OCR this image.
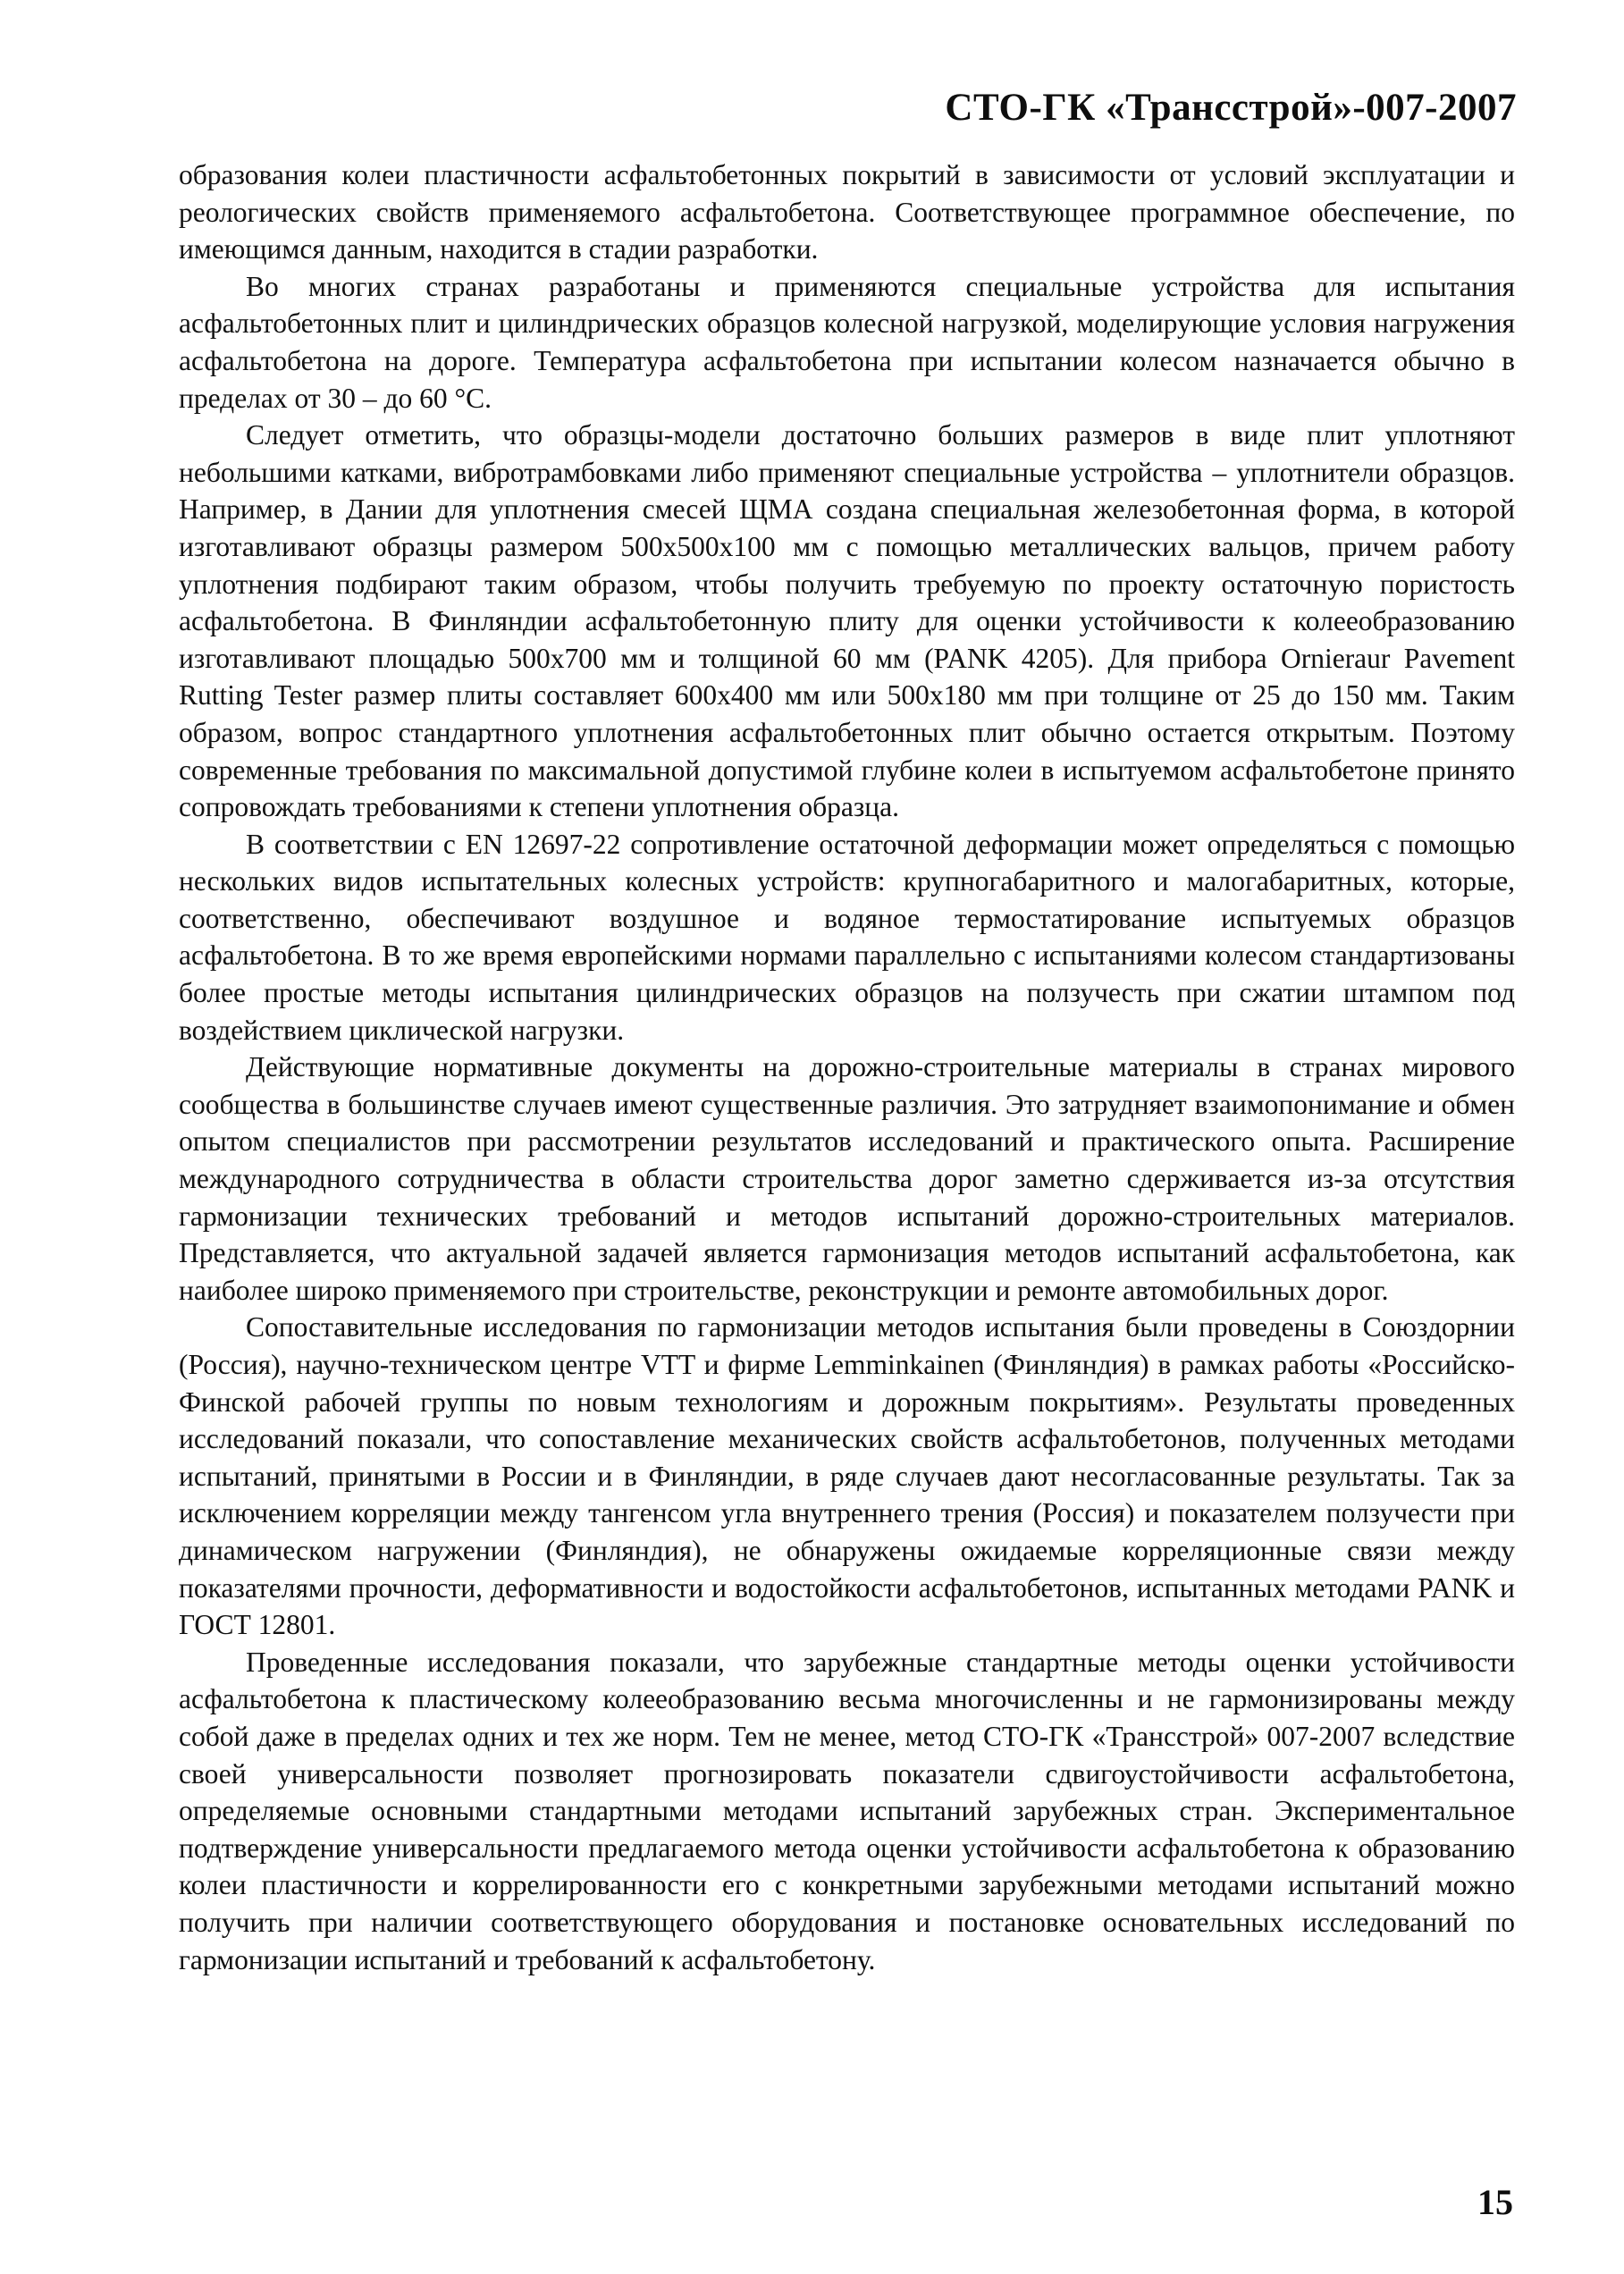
СТО-ГК «Трансстрой»-007-2007

образования колеи пластичности асфальтобетонных покрытий в зависимости от условий эксплуатации и реологических свойств применяемого асфальтобетона. Соответствующее программное обеспечение, по имеющимся данным, находится в стадии разработки.

Во многих странах разработаны и применяются специальные устройства для испытания асфальтобетонных плит и цилиндрических образцов колесной нагрузкой, моделирующие условия нагружения асфальтобетона на дороге. Температура асфальтобетона при испытании колесом назначается обычно в пределах от 30 – до 60 °С.

Следует отметить, что образцы-модели достаточно больших размеров в виде плит уплотняют небольшими катками, вибротрамбовками либо применяют специальные устройства – уплотнители образцов. Например, в Дании для уплотнения смесей ЩМА создана специальная железобетонная форма, в которой изготавливают образцы размером 500х500х100 мм с помощью металлических вальцов, причем работу уплотнения подбирают таким образом, чтобы получить требуемую по проекту остаточную пористость асфальтобетона. В Финляндии асфальтобетонную плиту для оценки устойчивости к колееобразованию изготавливают площадью 500х700 мм и толщиной 60 мм (PANK 4205). Для прибора Ornieraur Pavement Rutting Tester размер плиты составляет 600х400 мм или 500х180 мм при толщине от 25 до 150 мм. Таким образом, вопрос стандартного уплотнения асфальтобетонных плит обычно остается открытым. Поэтому современные требования по максимальной допустимой глубине колеи в испытуемом асфальтобетоне принято сопровождать требованиями к степени уплотнения образца.

В соответствии с EN 12697-22 сопротивление остаточной деформации может определяться с помощью нескольких видов испытательных колесных устройств: крупногабаритного и малогабаритных, которые, соответственно, обеспечивают воздушное и водяное термостатирование испытуемых образцов асфальтобетона. В то же время европейскими нормами параллельно с испытаниями колесом стандартизованы более простые методы испытания цилиндрических образцов на ползучесть при сжатии штампом под воздействием циклической нагрузки.

Действующие нормативные документы на дорожно-строительные материалы в странах мирового сообщества в большинстве случаев имеют существенные различия. Это затрудняет взаимопонимание и обмен опытом специалистов при рассмотрении результатов исследований и практического опыта. Расширение международного сотрудничества в области строительства дорог заметно сдерживается из-за отсутствия гармонизации технических требований и методов испытаний дорожно-строительных материалов. Представляется, что актуальной задачей является гармонизация методов испытаний асфальтобетона, как наиболее широко применяемого при строительстве, реконструкции и ремонте автомобильных дорог.

Сопоставительные исследования по гармонизации методов испытания были проведены в Союздорнии (Россия), научно-техническом центре VTT и фирме Lemminkainen (Финляндия) в рамках работы «Российско-Финской рабочей группы по новым технологиям и дорожным покрытиям». Результаты проведенных исследований показали, что сопоставление механических свойств асфальтобетонов, полученных методами испытаний, принятыми в России и в Финляндии, в ряде случаев дают несогласованные результаты. Так за исключением корреляции между тангенсом угла внутреннего трения (Россия) и показателем ползучести при динамическом нагружении (Финляндия), не обнаружены ожидаемые корреляционные связи между показателями прочности, деформативности и водостойкости асфальтобетонов, испытанных методами PANK и ГОСТ 12801.

Проведенные исследования показали, что зарубежные стандартные методы оценки устойчивости асфальтобетона к пластическому колееобразованию весьма многочисленны и не гармонизированы между собой даже в пределах одних и тех же норм. Тем не менее, метод СТО-ГК «Трансстрой» 007-2007 вследствие своей универсальности позволяет прогнозировать показатели сдвигоустойчивости асфальтобетона, определяемые основными стандартными методами испытаний зарубежных стран. Экспериментальное подтверждение универсальности предлагаемого метода оценки устойчивости асфальтобетона к образованию колеи пластичности и коррелированности его с конкретными зарубежными методами испытаний можно получить при наличии соответствующего оборудования и постановке основательных исследований по гармонизации испытаний и требований к асфальтобетону.

15
